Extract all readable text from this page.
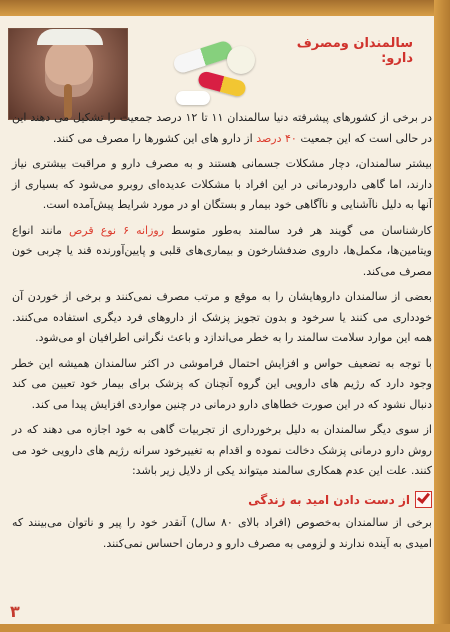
سالمندان و‌مصرف دارو:

در برخی از کشورهای پیشرفته دنیا سالمندان ۱۱ تا ۱۲ درصد جمعیت را تشکیل می دهند این در حالی است که این جمعیت ۴۰ درصد از دارو های این کشورها را مصرف می کنند.

بیشتر سالمندان، دچار مشکلات جسمانی هستند و به مصرف دارو و مراقبت بیشتری نیاز دارند، اما گاهی دارودرمانی در این افراد با مشکلات عدیده‌ای روبرو می‌شود که بسیاری از آنها به دلیل ناآشنایی و ناآگاهی خود بیمار و بستگان او در مورد شرایط پیش‌آمده است.

کارشناسان می گویند هر فرد سالمند به‌طور متوسط روزانه ۶ نوع قرص مانند انواع ویتامین‌ها، مکمل‌ها، داروی ضدفشارخون و بیماری‌های قلبی و پایین‌آورنده قند یا چربی خون مصرف می‌کند.

بعضی از سالمندان داروهایشان را به موقع و مرتب مصرف نمی‌کنند و برخی از خوردن آن خودداری می کنند یا سرخود و بدون تجویز پزشک از داروهای فرد دیگری استفاده می‌کنند. همه این موارد سلامت سالمند را به خطر می‌اندازد و باعث نگرانی اطرافیان او می‌شود.

با توجه به تضعیف حواس و افزایش احتمال فراموشی در اکثر سالمندان همیشه این خطر وجود دارد که رژیم های دارویی این گروه آنچنان که پزشک برای بیمار خود تعیین می کند دنبال نشود که در این صورت خطاهای دارو درمانی در چنین مواردی افزایش پیدا می کند.

از سوی دیگر سالمندان به دلیل برخورداری از تجربیات گاهی به خود اجازه می دهند که در روش دارو درمانی پزشک دخالت نموده و اقدام به تغییرخود سرانه رژیم های دارویی خود می کنند. علت این عدم همکاری سالمند میتواند یکی از دلایل زیر باشد:

از دست دادن امید به زندگی

برخی از سالمندان به‌خصوص (افراد بالای ۸۰ سال) آنقدر خود را پیر و ناتوان می‌بینند که امیدی به آینده ندارند و لزومی به مصرف دارو و درمان احساس نمی‌کنند.

۳
